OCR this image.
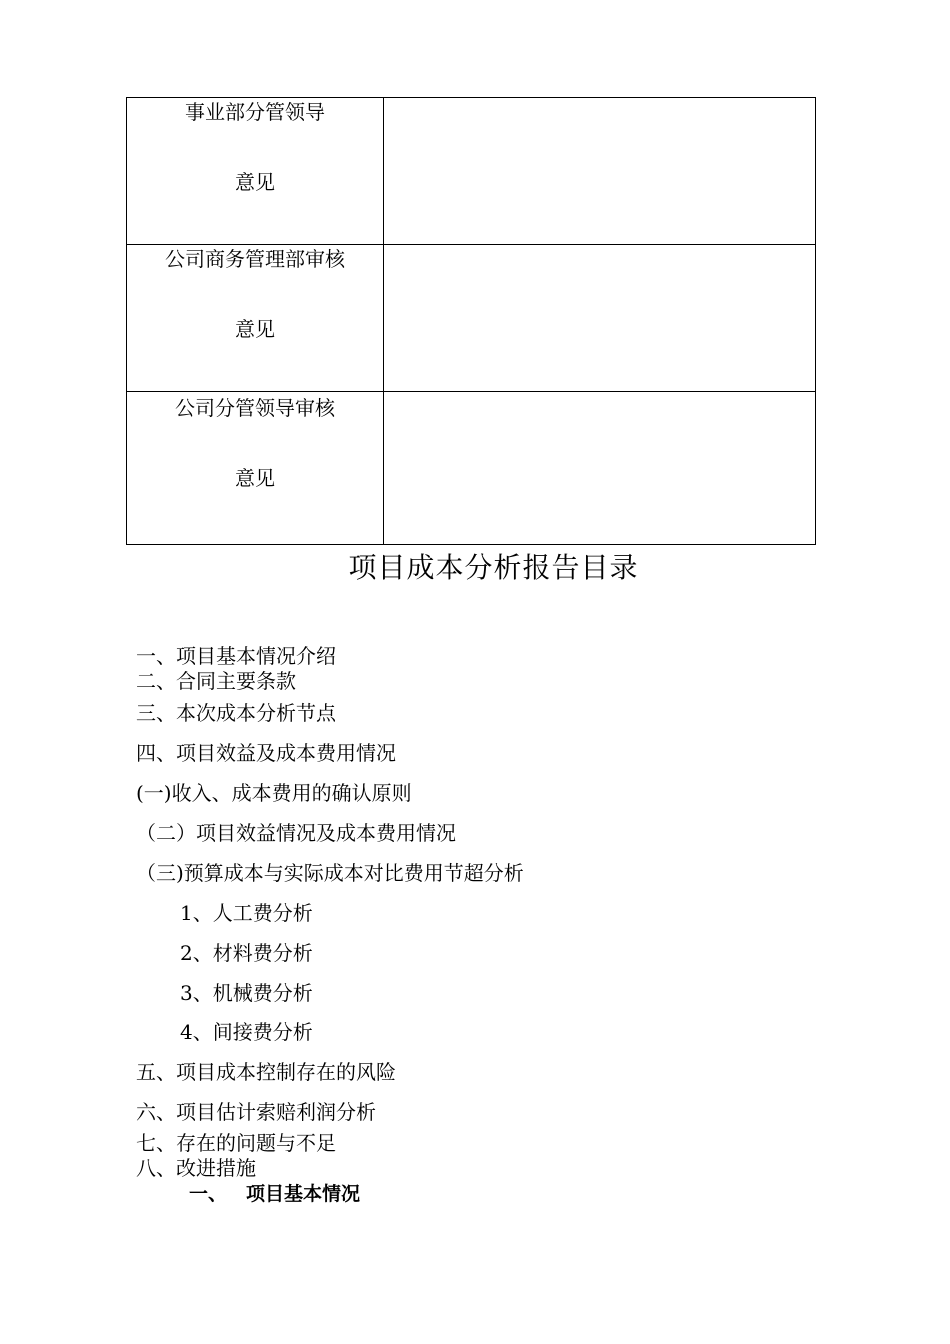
事业部分管领导
意见	

公司商务管理部审核
意见	

公司分管领导审核
意见	

项目成本分析报告目录
一、项目基本情况介绍
二、合同主要条款
三、本次成本分析节点
四、项目效益及成本费用情况
(一)收入、成本费用的确认原则
（二）项目效益情况及成本费用情况
（三)预算成本与实际成本对比费用节超分析
1、人工费分析
2、材料费分析
3、机械费分析
4、间接费分析
五、项目成本控制存在的风险
六、项目估计索赔利润分析
七、存在的问题与不足
八、改进措施
一、 项目基本情况
